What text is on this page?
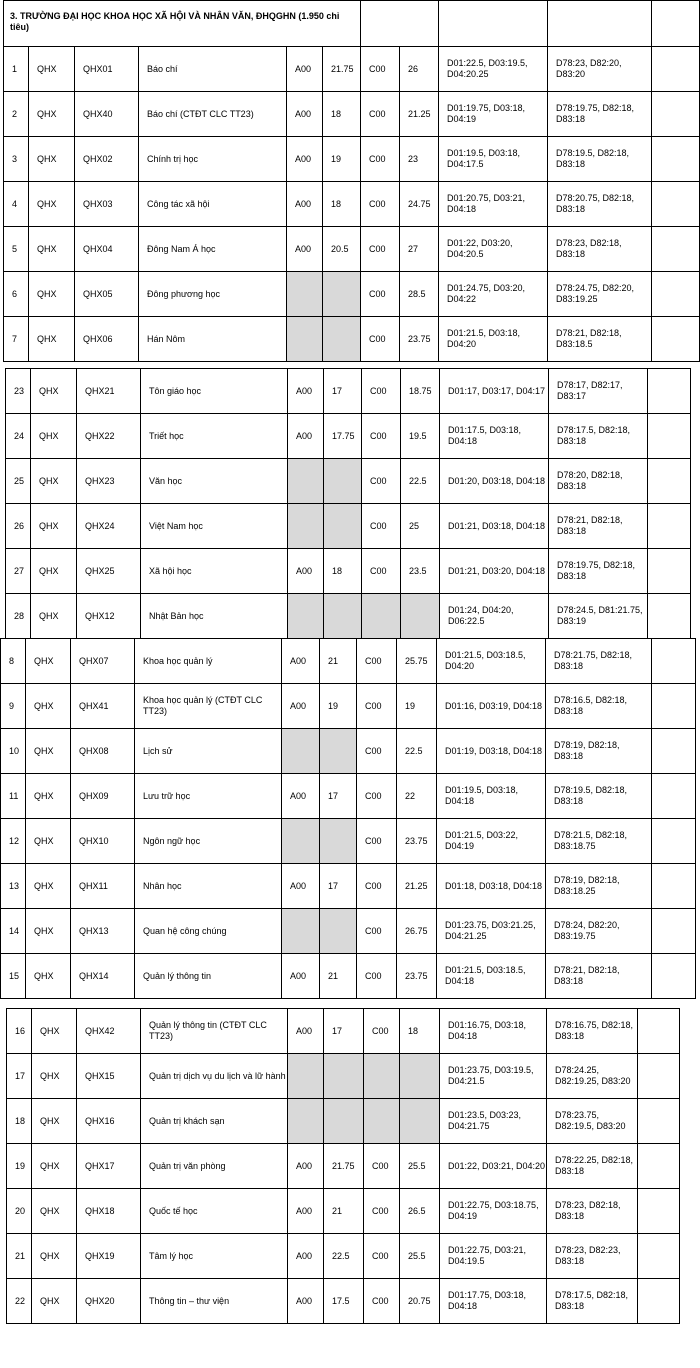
3. TRƯỜNG ĐẠI HỌC KHOA HỌC XÃ HỘI VÀ NHÂN VĂN, ĐHQGHN (1.950 chỉ tiêu)										
1	QHX	QHX01	Báo chí	A00	21.75	C00	26	D01:22.5, D03:19.5, D04:20.25	D78:23, D82:20, D83:20	
2	QHX	QHX40	Báo chí (CTĐT CLC TT23)	A00	18	C00	21.25	D01:19.75, D03:18, D04:19	D78:19.75, D82:18, D83:18	
3	QHX	QHX02	Chính trị học	A00	19	C00	23	D01:19.5, D03:18, D04:17.5	D78:19.5, D82:18, D83:18	
4	QHX	QHX03	Công tác xã hội	A00	18	C00	24.75	D01:20.75, D03:21, D04:18	D78:20.75, D82:18, D83:18	
5	QHX	QHX04	Đông Nam Á học	A00	20.5	C00	27	D01:22, D03:20, D04:20.5	D78:23, D82:18, D83:18	
6	QHX	QHX05	Đông phương học			C00	28.5	D01:24.75, D03:20, D04:22	D78:24.75, D82:20, D83:19.25	
7	QHX	QHX06	Hán Nôm			C00	23.75	D01:21.5, D03:18, D04:20	D78:21, D82:18, D83:18.5	
23	QHX	QHX21	Tôn giáo học	A00	17	C00	18.75	D01:17, D03:17, D04:17	D78:17, D82:17, D83:17	
24	QHX	QHX22	Triết học	A00	17.75	C00	19.5	D01:17.5, D03:18, D04:18	D78:17.5, D82:18, D83:18	
25	QHX	QHX23	Văn học			C00	22.5	D01:20, D03:18, D04:18	D78:20, D82:18, D83:18	
26	QHX	QHX24	Việt Nam học			C00	25	D01:21, D03:18, D04:18	D78:21, D82:18, D83:18	
27	QHX	QHX25	Xã hội học	A00	18	C00	23.5	D01:21, D03:20, D04:18	D78:19.75, D82:18, D83:18	
28	QHX	QHX12	Nhật Bản học					D01:24, D04:20, D06:22.5	D78:24.5, D81:21.75, D83:19	
8	QHX	QHX07	Khoa học quản lý	A00	21	C00	25.75	D01:21.5, D03:18.5, D04:20	D78:21.75, D82:18, D83:18	
9	QHX	QHX41	Khoa học quản lý (CTĐT CLC TT23)	A00	19	C00	19	D01:16, D03:19, D04:18	D78:16.5, D82:18, D83:18	
10	QHX	QHX08	Lịch sử			C00	22.5	D01:19, D03:18, D04:18	D78:19, D82:18, D83:18	
11	QHX	QHX09	Lưu trữ học	A00	17	C00	22	D01:19.5, D03:18, D04:18	D78:19.5, D82:18, D83:18	
12	QHX	QHX10	Ngôn ngữ học			C00	23.75	D01:21.5, D03:22, D04:19	D78:21.5, D82:18, D83:18.75	
13	QHX	QHX11	Nhân học	A00	17	C00	21.25	D01:18, D03:18, D04:18	D78:19, D82:18, D83:18.25	
14	QHX	QHX13	Quan hệ công chúng			C00	26.75	D01:23.75, D03:21.25, D04:21.25	D78:24, D82:20, D83:19.75	
15	QHX	QHX14	Quản lý thông tin	A00	21	C00	23.75	D01:21.5, D03:18.5, D04:18	D78:21, D82:18, D83:18	
16	QHX	QHX42	Quản lý thông tin (CTĐT CLC TT23)	A00	17	C00	18	D01:16.75, D03:18, D04:18	D78:16.75, D82:18, D83:18	
17	QHX	QHX15	Quản trị dịch vụ du lịch và lữ hành					D01:23.75, D03:19.5, D04:21.5	D78:24.25, D82:19.25, D83:20	
18	QHX	QHX16	Quản trị khách sạn					D01:23.5, D03:23, D04:21.75	D78:23.75, D82:19.5, D83:20	
19	QHX	QHX17	Quản trị văn phòng	A00	21.75	C00	25.5	D01:22, D03:21, D04:20	D78:22.25, D82:18, D83:18	
20	QHX	QHX18	Quốc tế học	A00	21	C00	26.5	D01:22.75, D03:18.75, D04:19	D78:23, D82:18, D83:18	
21	QHX	QHX19	Tâm lý học	A00	22.5	C00	25.5	D01:22.75, D03:21, D04:19.5	D78:23, D82:23, D83:18	
22	QHX	QHX20	Thông tin – thư viện	A00	17.5	C00	20.75	D01:17.75, D03:18, D04:18	D78:17.5, D82:18, D83:18	
